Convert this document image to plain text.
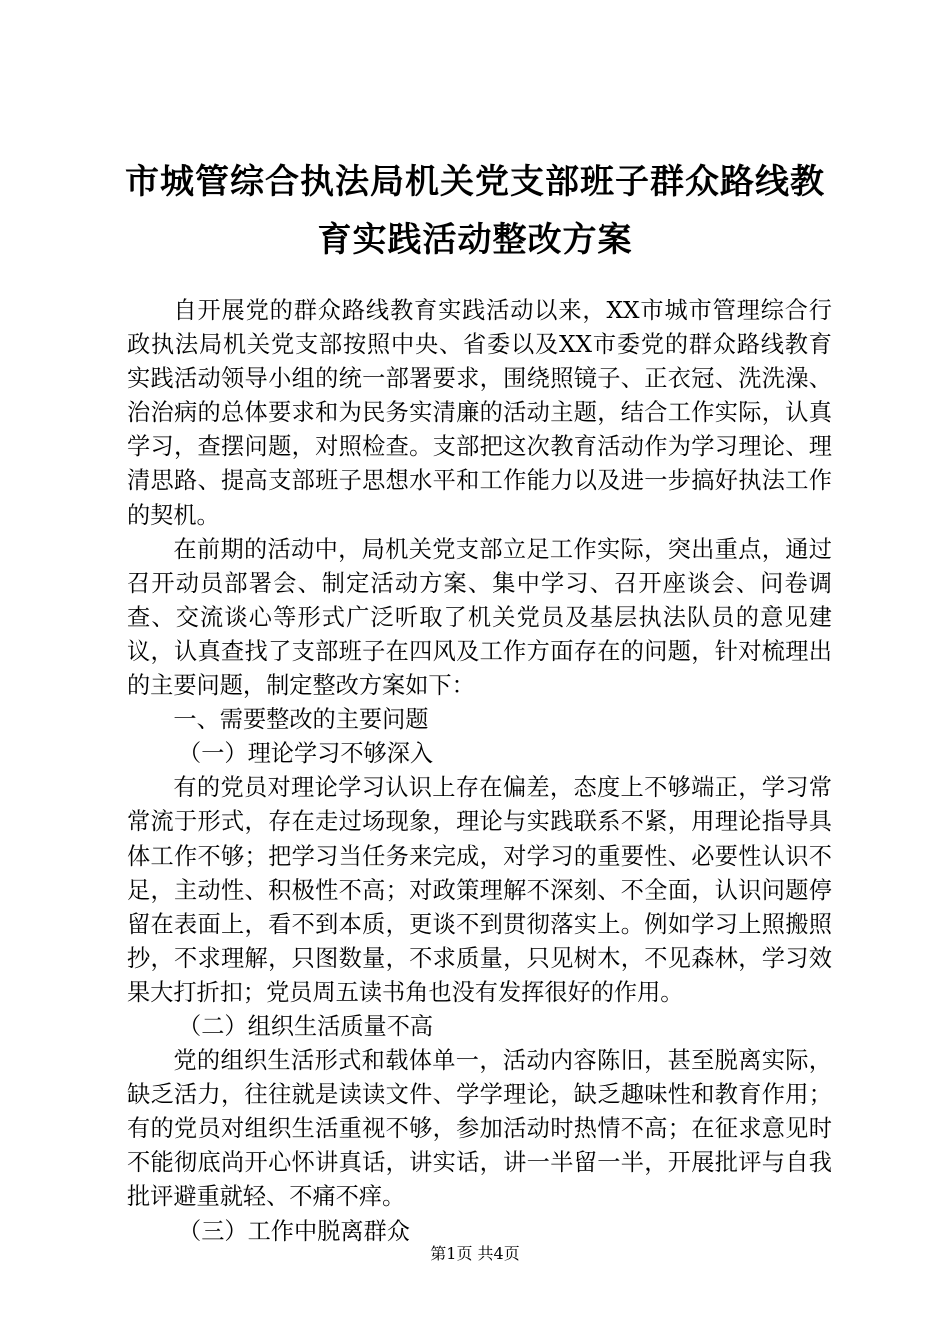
市城管综合执法局机关党支部班子群众路线教
育实践活动整改方案

自开展党的群众路线教育实践活动以来，XX市城市管理综合行政执法局机关党支部按照中央、省委以及XX市委党的群众路线教育实践活动领导小组的统一部署要求，围绕照镜子、正衣冠、洗洗澡、治治病的总体要求和为民务实清廉的活动主题，结合工作实际，认真学习，查摆问题，对照检查。支部把这次教育活动作为学习理论、理清思路、提高支部班子思想水平和工作能力以及进一步搞好执法工作的契机。

在前期的活动中，局机关党支部立足工作实际，突出重点，通过召开动员部署会、制定活动方案、集中学习、召开座谈会、问卷调查、交流谈心等形式广泛听取了机关党员及基层执法队员的意见建议，认真查找了支部班子在四风及工作方面存在的问题，针对梳理出的主要问题，制定整改方案如下：

一、需要整改的主要问题

（一）理论学习不够深入

有的党员对理论学习认识上存在偏差，态度上不够端正，学习常常流于形式，存在走过场现象，理论与实践联系不紧，用理论指导具体工作不够；把学习当任务来完成，对学习的重要性、必要性认识不足，主动性、积极性不高；对政策理解不深刻、不全面，认识问题停留在表面上，看不到本质，更谈不到贯彻落实上。例如学习上照搬照抄，不求理解，只图数量，不求质量，只见树木，不见森林，学习效果大打折扣；党员周五读书角也没有发挥很好的作用。

（二）组织生活质量不高

党的组织生活形式和载体单一，活动内容陈旧，甚至脱离实际，缺乏活力，往往就是读读文件、学学理论，缺乏趣味性和教育作用；有的党员对组织生活重视不够，参加活动时热情不高；在征求意见时不能彻底尚开心怀讲真话，讲实话，讲一半留一半，开展批评与自我批评避重就轻、不痛不痒。

（三）工作中脱离群众

第1页 共4页
